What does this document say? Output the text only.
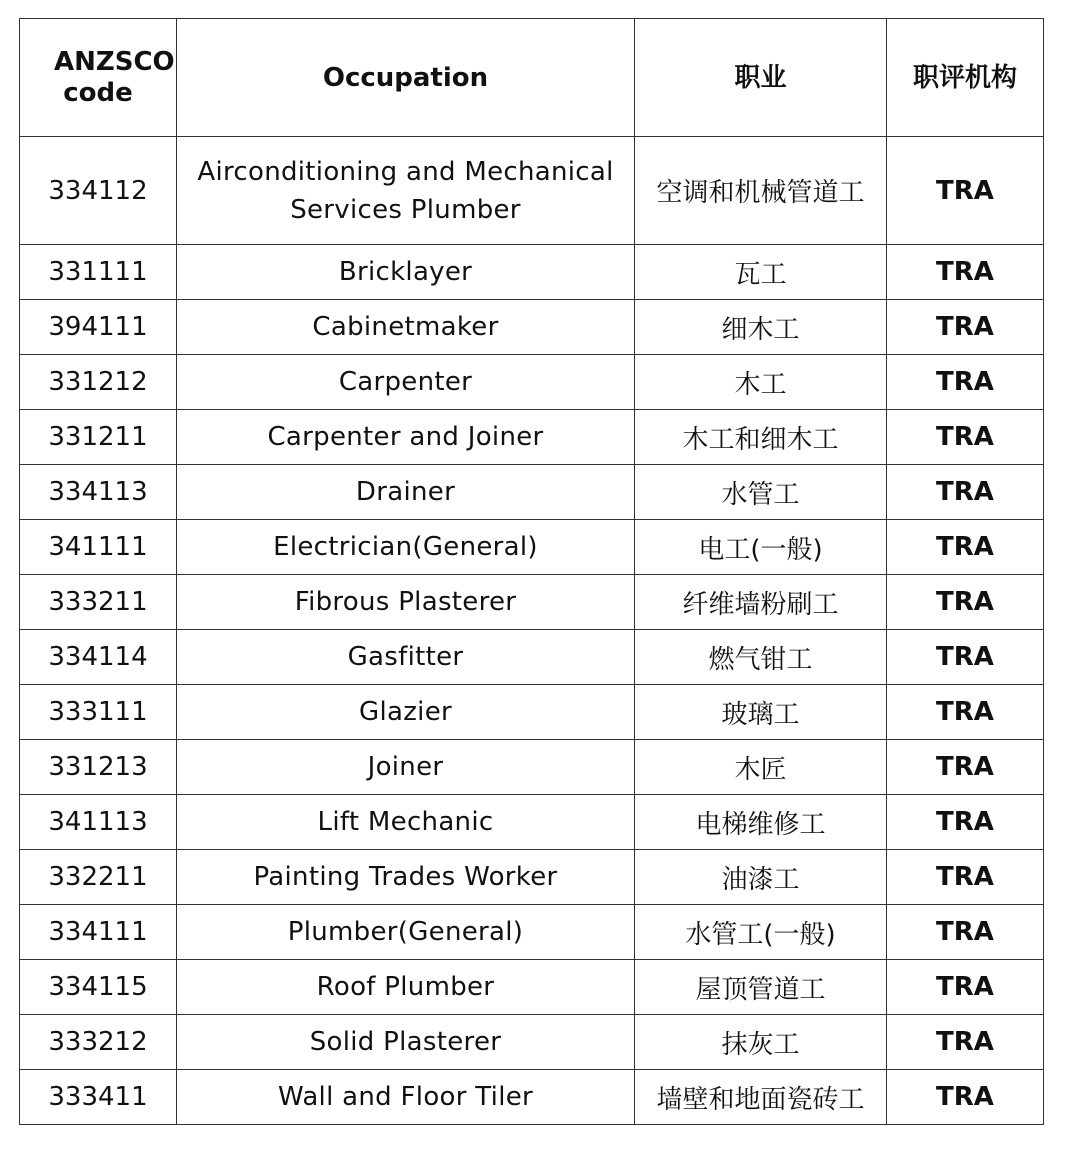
ANZSCO code	Occupation	职业	职评机构
334112	Airconditioning and Mechanical Services Plumber	空调和机械管道工	TRA
331111	Bricklayer	瓦工	TRA
394111	Cabinetmaker	细木工	TRA
331212	Carpenter	木工	TRA
331211	Carpenter and Joiner	木工和细木工	TRA
334113	Drainer	水管工	TRA
341111	Electrician(General)	电工(一般)	TRA
333211	Fibrous Plasterer	纤维墙粉刷工	TRA
334114	Gasfitter	燃气钳工	TRA
333111	Glazier	玻璃工	TRA
331213	Joiner	木匠	TRA
341113	Lift Mechanic	电梯维修工	TRA
332211	Painting Trades Worker	油漆工	TRA
334111	Plumber(General)	水管工(一般)	TRA
334115	Roof Plumber	屋顶管道工	TRA
333212	Solid Plasterer	抹灰工	TRA
333411	Wall and Floor Tiler	墙壁和地面瓷砖工	TRA
